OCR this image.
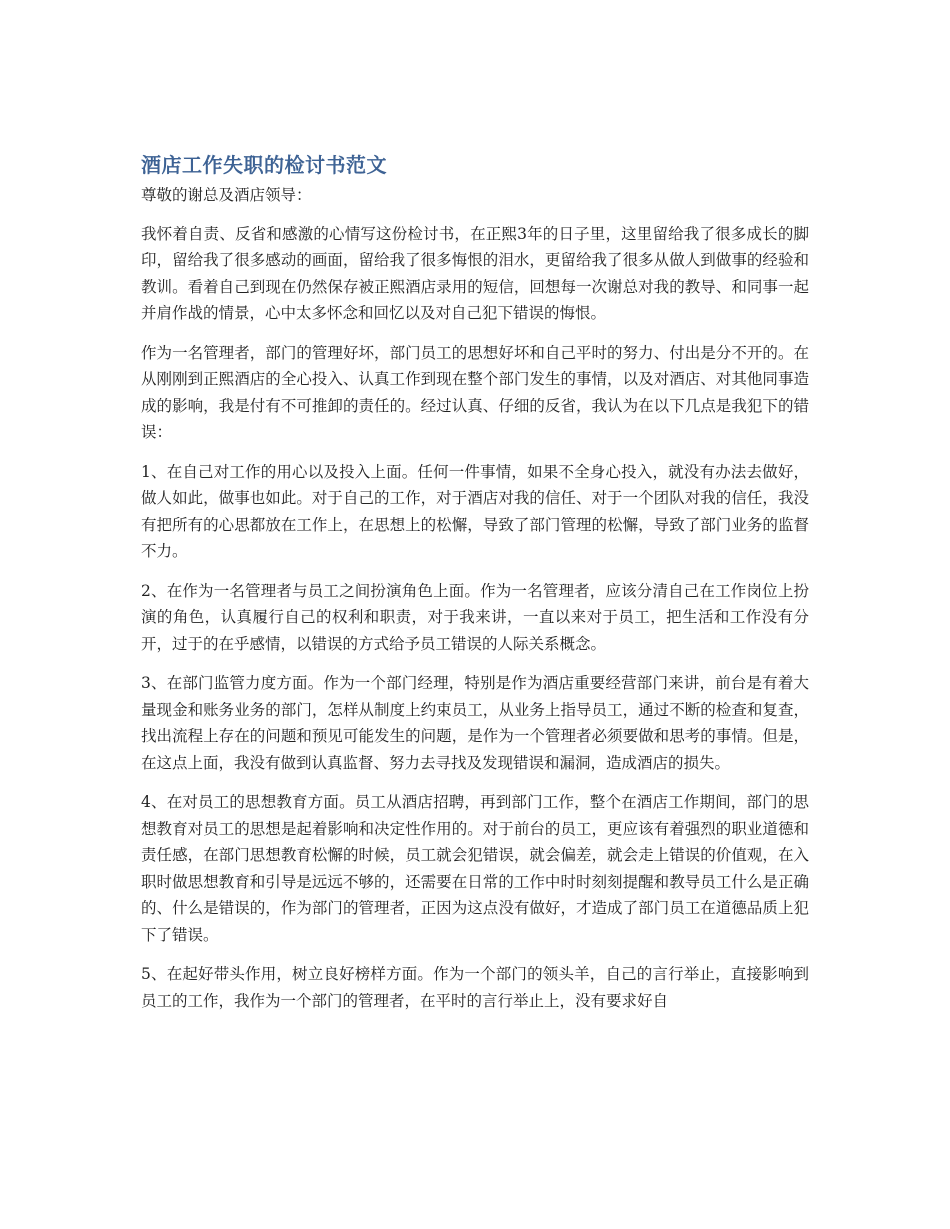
酒店工作失职的检讨书范文

尊敬的谢总及酒店领导：

我怀着自责、反省和感激的心情写这份检讨书，在正熙3年的日子里，这里留给我了很多成长的脚印，留给我了很多感动的画面，留给我了很多悔恨的泪水，更留给我了很多从做人到做事的经验和教训。看着自己到现在仍然保存被正熙酒店录用的短信，回想每一次谢总对我的教导、和同事一起并肩作战的情景，心中太多怀念和回忆以及对自己犯下错误的悔恨。

作为一名管理者，部门的管理好坏，部门员工的思想好坏和自己平时的努力、付出是分不开的。在从刚刚到正熙酒店的全心投入、认真工作到现在整个部门发生的事情，以及对酒店、对其他同事造成的影响，我是付有不可推卸的责任的。经过认真、仔细的反省，我认为在以下几点是我犯下的错误：

1、在自己对工作的用心以及投入上面。任何一件事情，如果不全身心投入，就没有办法去做好，做人如此，做事也如此。对于自己的工作，对于酒店对我的信任、对于一个团队对我的信任，我没有把所有的心思都放在工作上，在思想上的松懈，导致了部门管理的松懈，导致了部门业务的监督不力。

2、在作为一名管理者与员工之间扮演角色上面。作为一名管理者，应该分清自己在工作岗位上扮演的角色，认真履行自己的权利和职责，对于我来讲，一直以来对于员工，把生活和工作没有分开，过于的在乎感情，以错误的方式给予员工错误的人际关系概念。

3、在部门监管力度方面。作为一个部门经理，特别是作为酒店重要经营部门来讲，前台是有着大量现金和账务业务的部门，怎样从制度上约束员工，从业务上指导员工，通过不断的检查和复查，找出流程上存在的问题和预见可能发生的问题，是作为一个管理者必须要做和思考的事情。但是，在这点上面，我没有做到认真监督、努力去寻找及发现错误和漏洞，造成酒店的损失。

4、在对员工的思想教育方面。员工从酒店招聘，再到部门工作，整个在酒店工作期间，部门的思想教育对员工的思想是起着影响和决定性作用的。对于前台的员工，更应该有着强烈的职业道德和责任感，在部门思想教育松懈的时候，员工就会犯错误，就会偏差，就会走上错误的价值观，在入职时做思想教育和引导是远远不够的，还需要在日常的工作中时时刻刻提醒和教导员工什么是正确的、什么是错误的，作为部门的管理者，正因为这点没有做好，才造成了部门员工在道德品质上犯下了错误。

5、在起好带头作用，树立良好榜样方面。作为一个部门的领头羊，自己的言行举止，直接影响到员工的工作，我作为一个部门的管理者，在平时的言行举止上，没有要求好自
